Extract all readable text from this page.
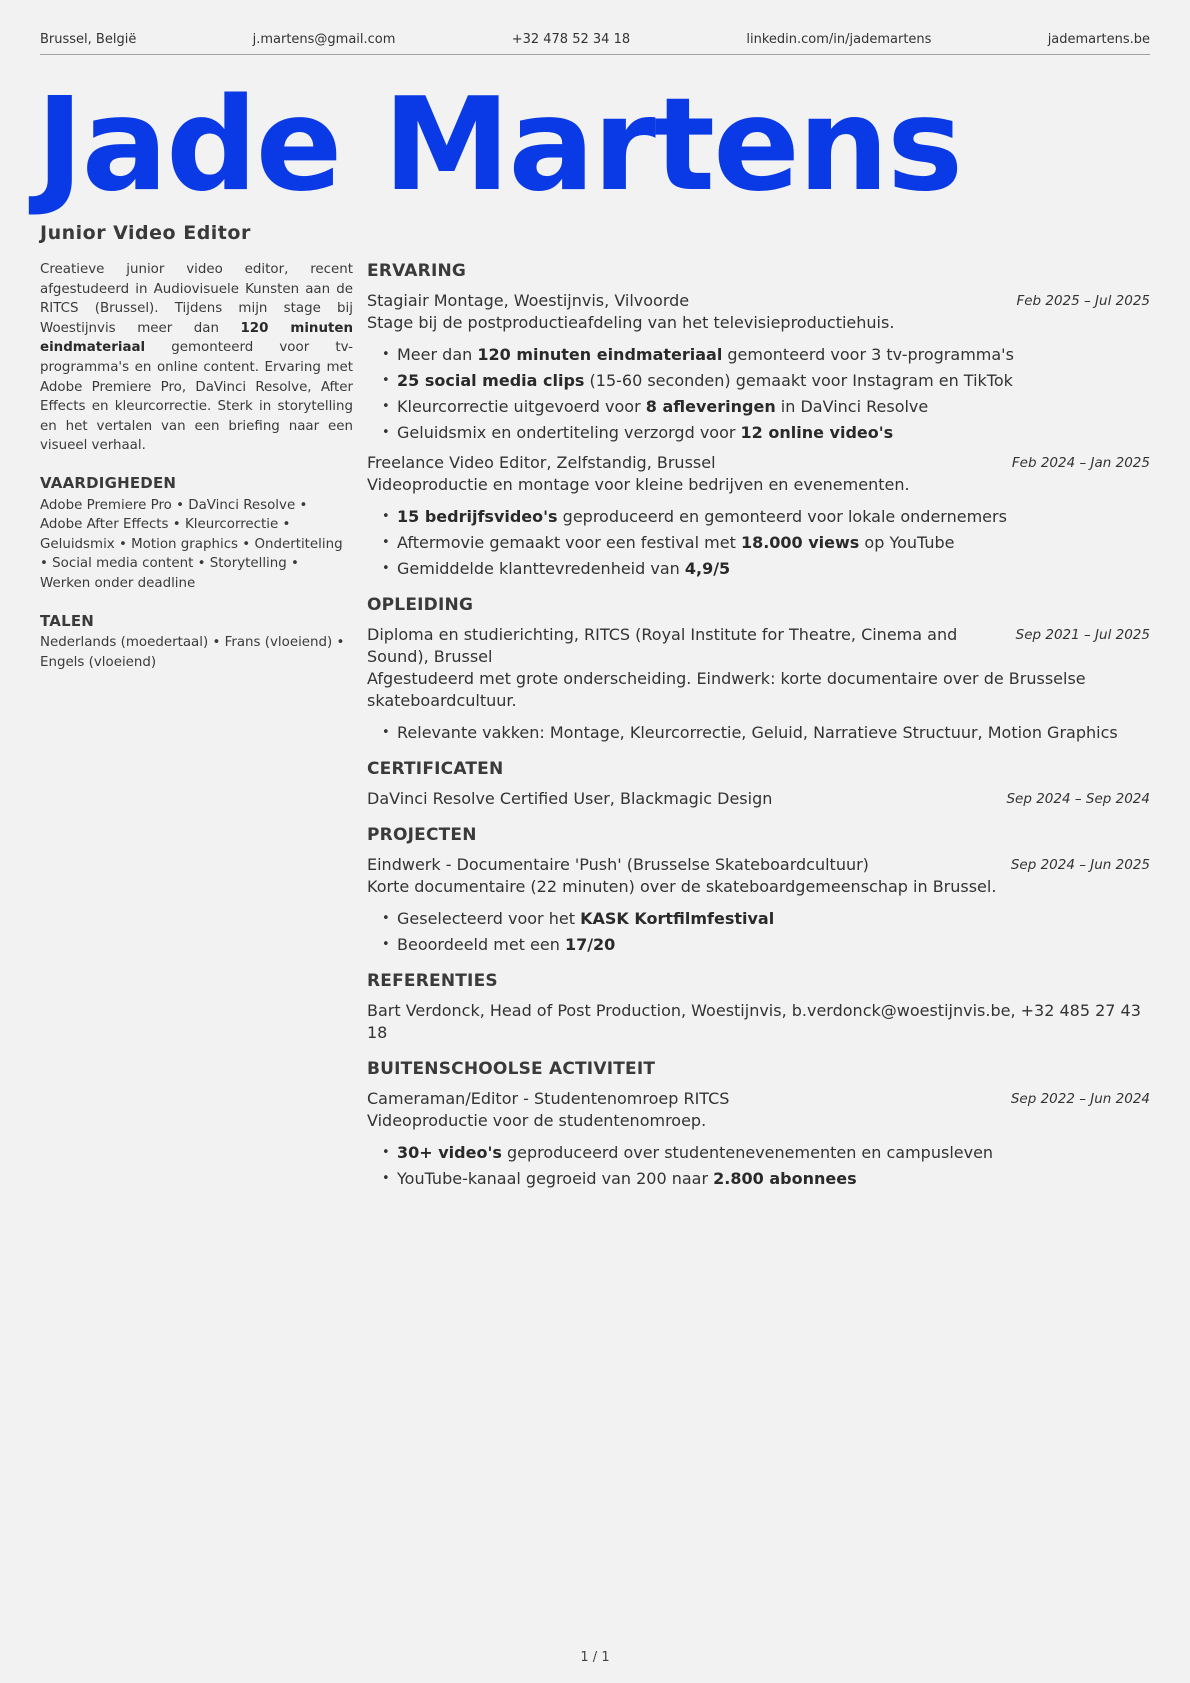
Brussel, België	j.martens@gmail.com	+32 478 52 34 18	linkedin.com/in/jademartens	jademartens.be
Jade Martens
Junior Video Editor

Creatieve junior video editor, recent afgestudeerd in Audiovisuele Kunsten aan de RITCS (Brussel). Tijdens mijn stage bij Woestijnvis meer dan 120 minuten eindmateriaal gemonteerd voor tv-programma's en online content. Ervaring met Adobe Premiere Pro, DaVinci Resolve, After Effects en kleurcorrectie. Sterk in storytelling en het vertalen van een briefing naar een visueel verhaal.

VAARDIGHEDEN

Adobe Premiere Pro • DaVinci Resolve • Adobe After Effects • Kleurcorrectie • Geluidsmix • Motion graphics • Ondertiteling • Social media content • Storytelling • Werken onder deadline

TALEN

Nederlands (moedertaal) • Frans (vloeiend) • Engels (vloeiend)

ERVARING
Stagiair Montage, Woestijnvis, Vilvoorde	Feb 2025 – Jul 2025

Stage bij de postproductieafdeling van het televisieproductiehuis.

• Meer dan 120 minuten eindmateriaal gemonteerd voor 3 tv-programma's
• 25 social media clips (15-60 seconden) gemaakt voor Instagram en TikTok
• Kleurcorrectie uitgevoerd voor 8 afleveringen in DaVinci Resolve
• Geluidsmix en ondertiteling verzorgd voor 12 online video's
Freelance Video Editor, Zelfstandig, Brussel	Feb 2024 – Jan 2025

Videoproductie en montage voor kleine bedrijven en evenementen.

• 15 bedrijfsvideo's geproduceerd en gemonteerd voor lokale ondernemers
• Aftermovie gemaakt voor een festival met 18.000 views op YouTube
• Gemiddelde klanttevredenheid van 4,9/5
OPLEIDING
Diploma en studierichting, RITCS (Royal Institute for Theatre, Cinema and Sound), Brussel
Sep 2021 – Jul 2025

Afgestudeerd met grote onderscheiding. Eindwerk: korte documentaire over de Brusselse skateboardcultuur.

• Relevante vakken: Montage, Kleurcorrectie, Geluid, Narratieve Structuur, Motion Graphics
CERTIFICATEN
DaVinci Resolve Certified User, Blackmagic Design	Sep 2024 – Sep 2024
PROJECTEN
Eindwerk - Documentaire 'Push' (Brusselse Skateboardcultuur)	Sep 2024 – Jun 2025

Korte documentaire (22 minuten) over de skateboardgemeenschap in Brussel.

• Geselecteerd voor het KASK Kortfilmfestival
• Beoordeeld met een 17/20
REFERENTIES
Bart Verdonck, Head of Post Production, Woestijnvis, b.verdonck@woestijnvis.be, +32 485 27 43 18
BUITENSCHOOLSE ACTIVITEIT
Cameraman/Editor - Studentenomroep RITCS	Sep 2022 – Jun 2024

Videoproductie voor de studentenomroep.

• 30+ video's geproduceerd over studentenevenementen en campusleven
• YouTube-kanaal gegroeid van 200 naar 2.800 abonnees
1 / 1
